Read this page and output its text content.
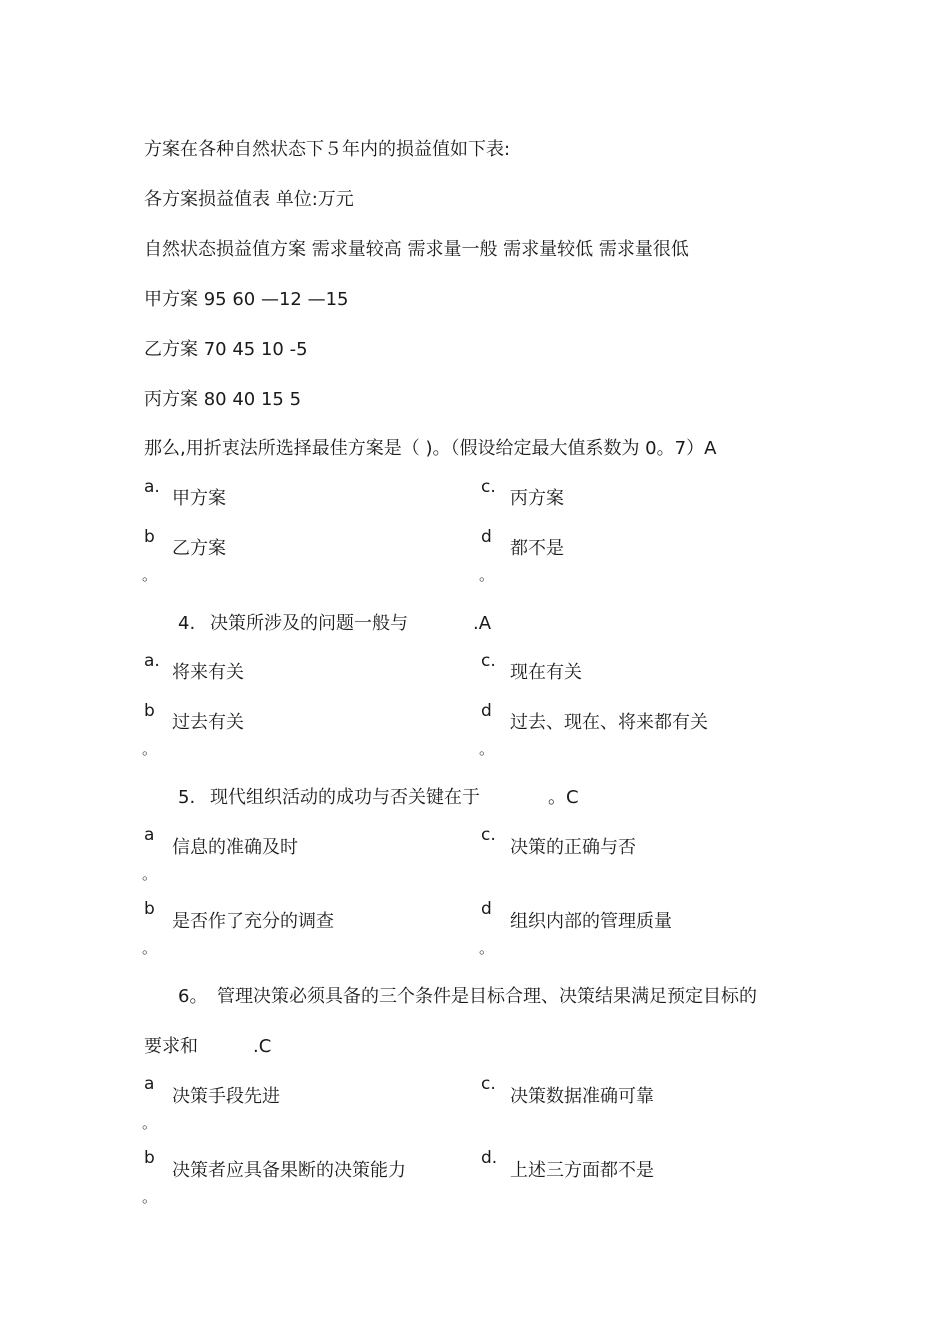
方案在各种自然状态下５年内的损益值如下表:
各方案损益值表 单位:万元
自然状态损益值方案 需求量较高 需求量一般 需求量较低 需求量很低
甲方案 95 60 —12 —15
乙方案 70 45 10 -5
丙方案 80 40 15 5
那么,用折衷法所选择最佳方案是（ )。（假设给定最大值系数为 0。7）A
a.
甲方案
c.
丙方案
b
乙方案
。
d
都不是
。
4. 决策所涉及的问题一般与	.A
a.
将来有关
c.
现在有关
b
过去有关
。
d
过去、现在、将来都有关
。
5. 现代组织活动的成功与否关键在于	。C
a
信息的准确及时
。
c.
决策的正确与否
b
是否作了充分的调查
。
d
组织内部的管理质量
。
6。 管理决策必须具备的三个条件是目标合理、决策结果满足预定目标的
要求和	.C
a
决策手段先进
。
c.
决策数据准确可靠
b
决策者应具备果断的决策能力
。
d.
上述三方面都不是
